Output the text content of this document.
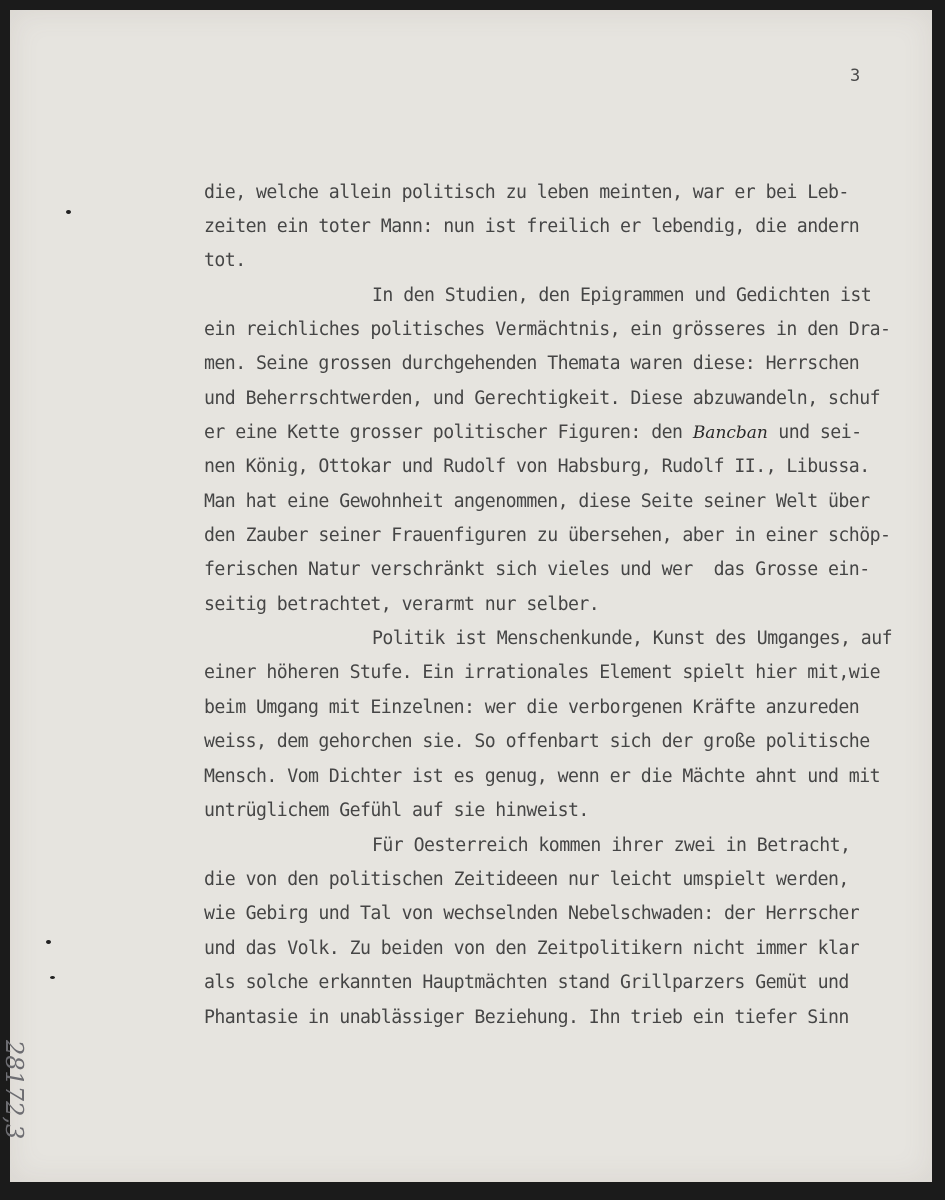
3
die, welche allein politisch zu leben meinten, war er bei Leb-
zeiten ein toter Mann: nun ist freilich er lebendig, die andern
tot.
In den Studien, den Epigrammen und Gedichten ist
ein reichliches politisches Vermächtnis, ein grösseres in den Dra-
men. Seine grossen durchgehenden Themata waren diese: Herrschen
und Beherrschtwerden, und Gerechtigkeit. Diese abzuwandeln, schuf
er eine Kette grosser politischer Figuren: den Bancban und sei-
nen König, Ottokar und Rudolf von Habsburg, Rudolf II., Libussa.
Man hat eine Gewohnheit angenommen, diese Seite seiner Welt über
den Zauber seiner Frauenfiguren zu übersehen, aber in einer schöp-
ferischen Natur verschränkt sich vieles und wer  das Grosse ein-
seitig betrachtet, verarmt nur selber.
Politik ist Menschenkunde, Kunst des Umganges, auf
einer höheren Stufe. Ein irrationales Element spielt hier mit,wie
beim Umgang mit Einzelnen: wer die verborgenen Kräfte anzureden
weiss, dem gehorchen sie. So offenbart sich der große politische
Mensch. Vom Dichter ist es genug, wenn er die Mächte ahnt und mit
untrüglichem Gefühl auf sie hinweist.
Für Oesterreich kommen ihrer zwei in Betracht,
die von den politischen Zeitideeen nur leicht umspielt werden,
wie Gebirg und Tal von wechselnden Nebelschwaden: der Herrscher
und das Volk. Zu beiden von den Zeitpolitikern nicht immer klar
als solche erkannten Hauptmächten stand Grillparzers Gemüt und
Phantasie in unablässiger Beziehung. Ihn trieb ein tiefer Sinn
28172,3
